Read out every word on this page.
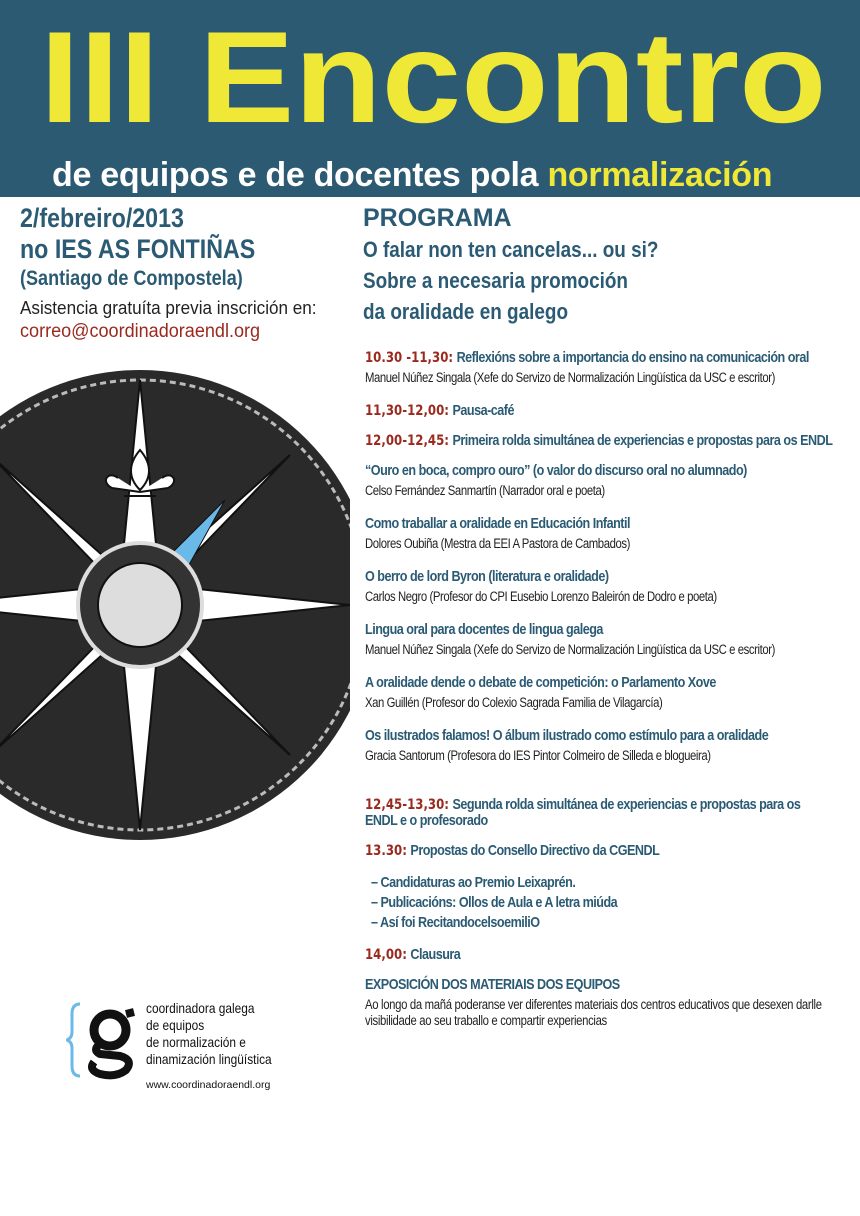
III Encontro
de equipos e de docentes pola normalización
2/febreiro/2013
no IES AS FONTIÑAS
(Santiago de Compostela)
Asistencia gratuíta previa inscrición en:
correo@coordinadoraendl.org
PROGRAMA
O falar non ten cancelas... ou si?
Sobre a necesaria promoción
da oralidade en galego
10.30 -11,30: Reflexións sobre a importancia do ensino na comunicación oral
Manuel Núñez Singala (Xefe do Servizo de Normalización Lingüística da USC e escritor)
11,30-12,00: Pausa-café
12,00-12,45: Primeira rolda simultánea de experiencias e propostas para os ENDL
“Ouro en boca, compro ouro” (o valor do discurso oral no alumnado)
Celso Fernández Sanmartín (Narrador oral e poeta)
Como traballar a oralidade en Educación Infantil
Dolores Oubiña (Mestra da EEI A Pastora de Cambados)
O berro de lord Byron (literatura e oralidade)
Carlos Negro (Profesor do CPI Eusebio Lorenzo Baleirón de Dodro e poeta)
Lingua oral para docentes de lingua galega
Manuel Núñez Singala (Xefe do Servizo de Normalización Lingüística da USC e escritor)
A oralidade dende o debate de competición: o Parlamento Xove
Xan Guillén (Profesor do Colexio Sagrada Familia de Vilagarcía)
Os ilustrados falamos! O álbum ilustrado como estímulo para a oralidade
Gracia Santorum (Profesora do IES Pintor Colmeiro de Silleda e blogueira)
12,45-13,30: Segunda rolda simultánea de experiencias e propostas para os ENDL e o profesorado
13.30: Propostas do Consello Directivo da CGENDL
– Candidaturas ao Premio Leixaprén.
– Publicacións: Ollos de Aula e A letra miúda
– Así foi RecitandocelsoemiliO
14,00: Clausura
EXPOSICIÓN DOS MATERIAIS DOS EQUIPOS
Ao longo da mañá poderanse ver diferentes materiais dos centros educativos que desexen darlle visibilidade ao seu traballo e compartir experiencias
coordinadora galega
de equipos
de normalización e
dinamización lingüística
www.coordinadoraendl.org
